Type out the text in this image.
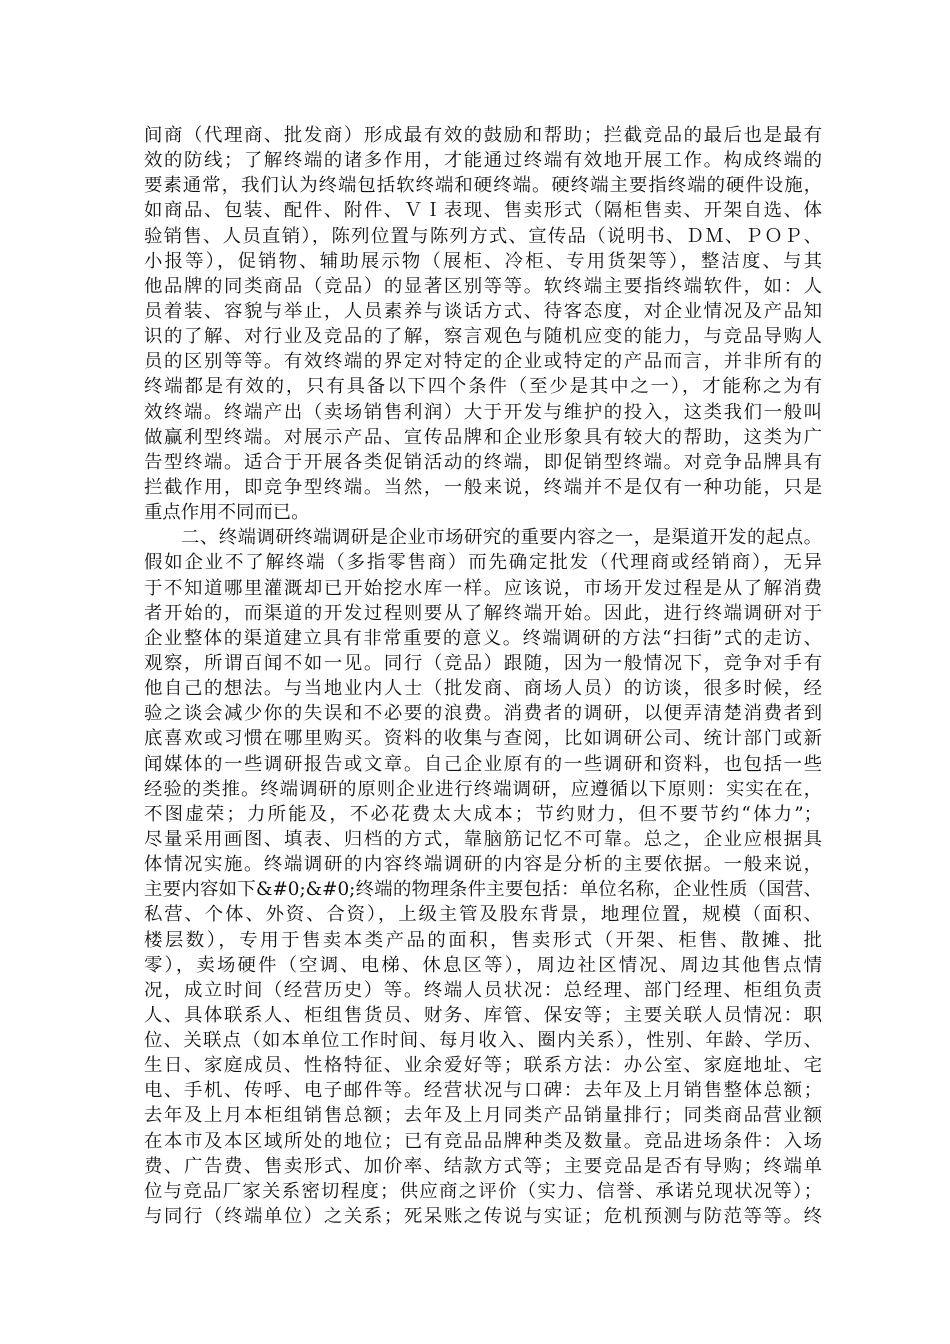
间商（代理商、批发商）形成最有效的鼓励和帮助；拦截竞品的最后也是最有
效的防线；了解终端的诸多作用，才能通过终端有效地开展工作。构成终端的
要素通常，我们认为终端包括软终端和硬终端。硬终端主要指终端的硬件设施，
如商品、包装、配件、附件、ＶＩ表现、售卖形式（隔柜售卖、开架自选、体
验销售、人员直销），陈列位置与陈列方式、宣传品（说明书、ＤＭ、ＰＯＰ、
小报等），促销物、辅助展示物（展柜、冷柜、专用货架等），整洁度、与其
他品牌的同类商品（竞品）的显著区别等等。软终端主要指终端软件，如：人
员着装、容貌与举止，人员素养与谈话方式、待客态度，对企业情况及产品知
识的了解、对行业及竞品的了解，察言观色与随机应变的能力，与竞品导购人
员的区别等等。有效终端的界定对特定的企业或特定的产品而言，并非所有的
终端都是有效的，只有具备以下四个条件（至少是其中之一），才能称之为有
效终端。终端产出（卖场销售利润）大于开发与维护的投入，这类我们一般叫
做赢利型终端。对展示产品、宣传品牌和企业形象具有较大的帮助，这类为广
告型终端。适合于开展各类促销活动的终端，即促销型终端。对竞争品牌具有
拦截作用，即竞争型终端。当然，一般来说，终端并不是仅有一种功能，只是
重点作用不同而已。
二、终端调研终端调研是企业市场研究的重要内容之一，是渠道开发的起点。
假如企业不了解终端（多指零售商）而先确定批发（代理商或经销商），无异
于不知道哪里灌溉却已开始挖水库一样。应该说，市场开发过程是从了解消费
者开始的，而渠道的开发过程则要从了解终端开始。因此，进行终端调研对于
企业整体的渠道建立具有非常重要的意义。终端调研的方法“扫街”式的走访、
观察，所谓百闻不如一见。同行（竞品）跟随，因为一般情况下，竞争对手有
他自己的想法。与当地业内人士（批发商、商场人员）的访谈，很多时候，经
验之谈会减少你的失误和不必要的浪费。消费者的调研，以便弄清楚消费者到
底喜欢或习惯在哪里购买。资料的收集与查阅，比如调研公司、统计部门或新
闻媒体的一些调研报告或文章。自己企业原有的一些调研和资料，也包括一些
经验的类推。终端调研的原则企业进行终端调研，应遵循以下原则：实实在在，
不图虚荣；力所能及，不必花费太大成本；节约财力，但不要节约“体力”；
尽量采用画图、填表、归档的方式，靠脑筋记忆不可靠。总之，企业应根据具
体情况实施。终端调研的内容终端调研的内容是分析的主要依据。一般来说，
主要内容如下&#0;&#0;终端的物理条件主要包括：单位名称，企业性质（国营、
私营、个体、外资、合资），上级主管及股东背景，地理位置，规模（面积、
楼层数），专用于售卖本类产品的面积，售卖形式（开架、柜售、散摊、批
零），卖场硬件（空调、电梯、休息区等），周边社区情况、周边其他售点情
况，成立时间（经营历史）等。终端人员状况：总经理、部门经理、柜组负责
人、具体联系人、柜组售货员、财务、库管、保安等；主要关联人员情况：职
位、关联点（如本单位工作时间、每月收入、圈内关系），性别、年龄、学历、
生日、家庭成员、性格特征、业余爱好等；联系方法：办公室、家庭地址、宅
电、手机、传呼、电子邮件等。经营状况与口碑：去年及上月销售整体总额；
去年及上月本柜组销售总额；去年及上月同类产品销量排行；同类商品营业额
在本市及本区域所处的地位；已有竞品品牌种类及数量。竞品进场条件：入场
费、广告费、售卖形式、加价率、结款方式等；主要竞品是否有导购；终端单
位与竞品厂家关系密切程度；供应商之评价（实力、信誉、承诺兑现状况等）；
与同行（终端单位）之关系；死呆账之传说与实证；危机预测与防范等等。终
